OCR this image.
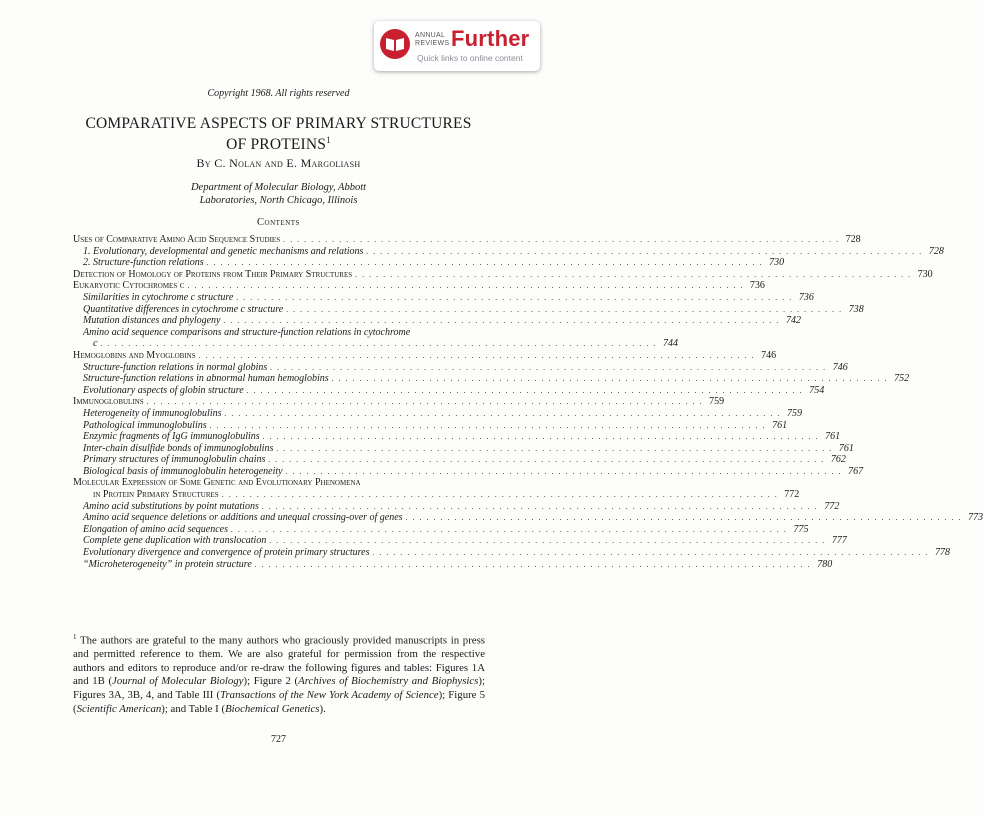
ANNUAL
REVIEWS Further
Quick links to online content
Copyright 1968. All rights reserved
COMPARATIVE ASPECTS OF PRIMARY STRUCTURES
OF PROTEINS$^1$
By C. Nolan and E. Margoliash
Department of Molecular Biology, Abbott
Laboratories, North Chicago, Illinois
Contents
Uses of Comparative Amino Acid Sequence Studies . . . . . . . . . . . . . . . . . . . . . . . . . . . . . . . . . . . . . . . . . . . . . . . . . . . . . . . . . . . . . . . . . . . . . . . . . . . . . . . . 728
1. Evolutionary, developmental and genetic mechanisms and relations . . . . . . . . . . . . . . . . . . . . . . . . . . . . . . . . . . . . . . . . . . . . . . . . . . . . . . . . . . . . . . . . . . . . . . . . . . . . . . . . 728
2. Structure-function relations . . . . . . . . . . . . . . . . . . . . . . . . . . . . . . . . . . . . . . . . . . . . . . . . . . . . . . . . . . . . . . . . . . . . . . . . . . . . . . . . 730
Detection of Homology of Proteins from Their Primary Structures . . . . . . . . . . . . . . . . . . . . . . . . . . . . . . . . . . . . . . . . . . . . . . . . . . . . . . . . . . . . . . . . . . . . . . . . . . . . . . . . 730
Eukaryotic Cytochromes c . . . . . . . . . . . . . . . . . . . . . . . . . . . . . . . . . . . . . . . . . . . . . . . . . . . . . . . . . . . . . . . . . . . . . . . . . . . . . . . . 736
Similarities in cytochrome c structure . . . . . . . . . . . . . . . . . . . . . . . . . . . . . . . . . . . . . . . . . . . . . . . . . . . . . . . . . . . . . . . . . . . . . . . . . . . . . . . . 736
Quantitative differences in cytochrome c structure . . . . . . . . . . . . . . . . . . . . . . . . . . . . . . . . . . . . . . . . . . . . . . . . . . . . . . . . . . . . . . . . . . . . . . . . . . . . . . . . 738
Mutation distances and phylogeny . . . . . . . . . . . . . . . . . . . . . . . . . . . . . . . . . . . . . . . . . . . . . . . . . . . . . . . . . . . . . . . . . . . . . . . . . . . . . . . . 742
Amino acid sequence comparisons and structure-function relations in cytochrome
c . . . . . . . . . . . . . . . . . . . . . . . . . . . . . . . . . . . . . . . . . . . . . . . . . . . . . . . . . . . . . . . . . . . . . . . . . . . . . . . . 744
Hemoglobins and Myoglobins . . . . . . . . . . . . . . . . . . . . . . . . . . . . . . . . . . . . . . . . . . . . . . . . . . . . . . . . . . . . . . . . . . . . . . . . . . . . . . . . 746
Structure-function relations in normal globins . . . . . . . . . . . . . . . . . . . . . . . . . . . . . . . . . . . . . . . . . . . . . . . . . . . . . . . . . . . . . . . . . . . . . . . . . . . . . . . . 746
Structure-function relations in abnormal human hemoglobins . . . . . . . . . . . . . . . . . . . . . . . . . . . . . . . . . . . . . . . . . . . . . . . . . . . . . . . . . . . . . . . . . . . . . . . . . . . . . . . . 752
Evolutionary aspects of globin structure . . . . . . . . . . . . . . . . . . . . . . . . . . . . . . . . . . . . . . . . . . . . . . . . . . . . . . . . . . . . . . . . . . . . . . . . . . . . . . . . 754
Immunoglobulins . . . . . . . . . . . . . . . . . . . . . . . . . . . . . . . . . . . . . . . . . . . . . . . . . . . . . . . . . . . . . . . . . . . . . . . . . . . . . . . . 759
Heterogeneity of immunoglobulins . . . . . . . . . . . . . . . . . . . . . . . . . . . . . . . . . . . . . . . . . . . . . . . . . . . . . . . . . . . . . . . . . . . . . . . . . . . . . . . . 759
Pathological immunoglobulins . . . . . . . . . . . . . . . . . . . . . . . . . . . . . . . . . . . . . . . . . . . . . . . . . . . . . . . . . . . . . . . . . . . . . . . . . . . . . . . . 761
Enzymic fragments of IgG immunoglobulins . . . . . . . . . . . . . . . . . . . . . . . . . . . . . . . . . . . . . . . . . . . . . . . . . . . . . . . . . . . . . . . . . . . . . . . . . . . . . . . . 761
Inter-chain disulfide bonds of immunoglobulins . . . . . . . . . . . . . . . . . . . . . . . . . . . . . . . . . . . . . . . . . . . . . . . . . . . . . . . . . . . . . . . . . . . . . . . . . . . . . . . . 761
Primary structures of immunoglobulin chains . . . . . . . . . . . . . . . . . . . . . . . . . . . . . . . . . . . . . . . . . . . . . . . . . . . . . . . . . . . . . . . . . . . . . . . . . . . . . . . . 762
Biological basis of immunoglobulin heterogeneity . . . . . . . . . . . . . . . . . . . . . . . . . . . . . . . . . . . . . . . . . . . . . . . . . . . . . . . . . . . . . . . . . . . . . . . . . . . . . . . . 767
Molecular Expression of Some Genetic and Evolutionary Phenomena
in Protein Primary Structures . . . . . . . . . . . . . . . . . . . . . . . . . . . . . . . . . . . . . . . . . . . . . . . . . . . . . . . . . . . . . . . . . . . . . . . . . . . . . . . . 772
Amino acid substitutions by point mutations . . . . . . . . . . . . . . . . . . . . . . . . . . . . . . . . . . . . . . . . . . . . . . . . . . . . . . . . . . . . . . . . . . . . . . . . . . . . . . . . 772
Amino acid sequence deletions or additions and unequal crossing-over of genes . . . . . . . . . . . . . . . . . . . . . . . . . . . . . . . . . . . . . . . . . . . . . . . . . . . . . . . . . . . . . . . . . . . . . . . . . . . . . . . . 773
Elongation of amino acid sequences . . . . . . . . . . . . . . . . . . . . . . . . . . . . . . . . . . . . . . . . . . . . . . . . . . . . . . . . . . . . . . . . . . . . . . . . . . . . . . . . 775
Complete gene duplication with translocation . . . . . . . . . . . . . . . . . . . . . . . . . . . . . . . . . . . . . . . . . . . . . . . . . . . . . . . . . . . . . . . . . . . . . . . . . . . . . . . . 777
Evolutionary divergence and convergence of protein primary structures . . . . . . . . . . . . . . . . . . . . . . . . . . . . . . . . . . . . . . . . . . . . . . . . . . . . . . . . . . . . . . . . . . . . . . . . . . . . . . . . 778
“Microheterogeneity” in protein structure . . . . . . . . . . . . . . . . . . . . . . . . . . . . . . . . . . . . . . . . . . . . . . . . . . . . . . . . . . . . . . . . . . . . . . . . . . . . . . . . 780
$^1$ The authors are grateful to the many authors who graciously provided manuscripts in press and permitted reference to them. We are also grateful for permission from the respective authors and editors to reproduce and/or re-draw the following figures and tables: Figures 1A and 1B (Journal of Molecular Biology); Figure 2 (Archives of Biochemistry and Biophysics); Figures 3A, 3B, 4, and Table III (Transactions of the New York Academy of Science); Figure 5 (Scientific American); and Table I (Biochemical Genetics).
727
